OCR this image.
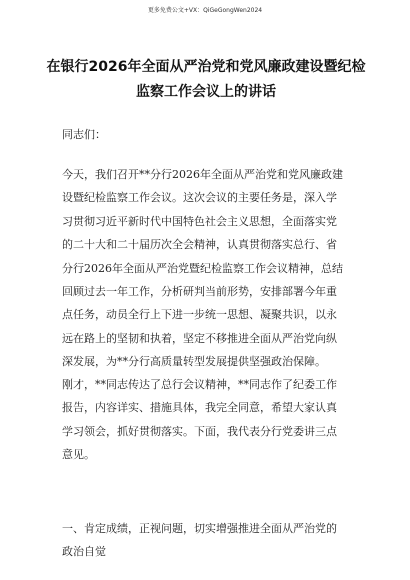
更多免费公文+VX：QiGeGongWen2024
在银行2026年全面从严治党和党风廉政建设暨纪检
监察工作会议上的讲话
同志们：
今天，我们召开**分行2026年全面从严治党和党风廉政建
设暨纪检监察工作会议。这次会议的主要任务是，深入学
习贯彻习近平新时代中国特色社会主义思想，全面落实党
的二十大和二十届历次全会精神，认真贯彻落实总行、省
分行2026年全面从严治党暨纪检监察工作会议精神，总结
回顾过去一年工作，分析研判当前形势，安排部署今年重
点任务，动员全行上下进一步统一思想、凝聚共识，以永
远在路上的坚韧和执着，坚定不移推进全面从严治党向纵
深发展，为**分行高质量转型发展提供坚强政治保障。
刚才，**同志传达了总行会议精神，**同志作了纪委工作
报告，内容详实、措施具体，我完全同意，希望大家认真
学习领会，抓好贯彻落实。下面，我代表分行党委讲三点
意见。
一、肯定成绩，正视问题，切实增强推进全面从严治党的
政治自觉
